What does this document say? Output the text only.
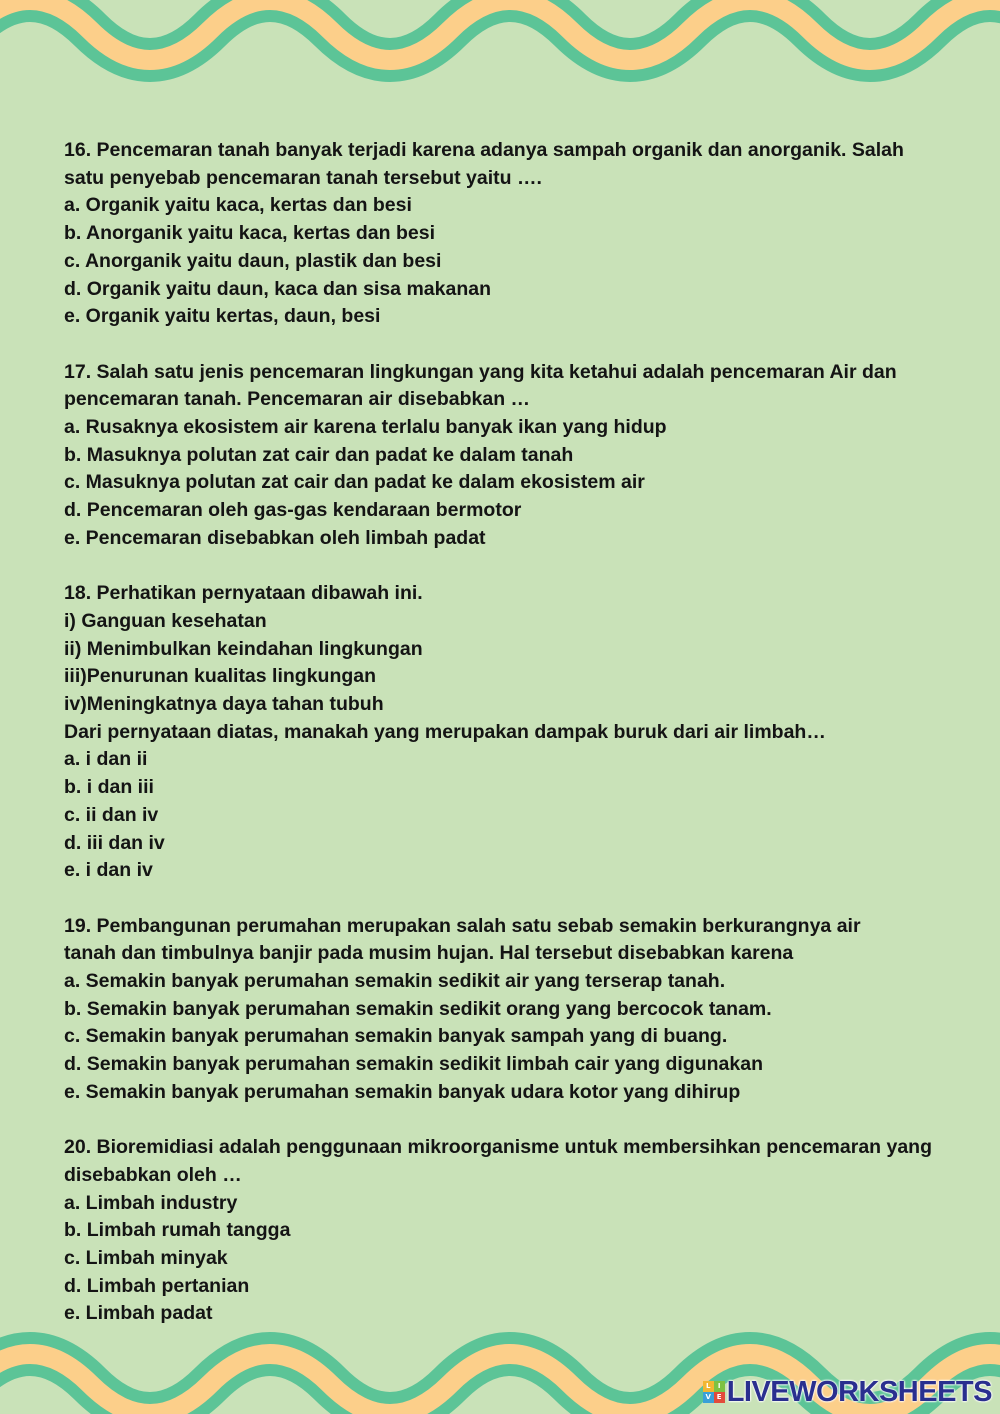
16. Pencemaran tanah banyak terjadi karena adanya sampah organik dan anorganik. Salah
satu penyebab pencemaran tanah tersebut yaitu ….
a. Organik yaitu kaca, kertas dan besi
b. Anorganik yaitu kaca, kertas dan besi
c. Anorganik yaitu daun, plastik dan besi
d. Organik yaitu daun, kaca dan sisa makanan
e. Organik yaitu kertas, daun, besi
17. Salah satu jenis pencemaran lingkungan yang kita ketahui adalah pencemaran Air dan
pencemaran tanah. Pencemaran air disebabkan …
a. Rusaknya ekosistem air karena terlalu banyak ikan yang hidup
b. Masuknya polutan zat cair dan padat ke dalam tanah
c. Masuknya polutan zat cair dan padat ke dalam ekosistem air
d. Pencemaran oleh gas-gas kendaraan bermotor
e. Pencemaran disebabkan oleh limbah padat
18. Perhatikan pernyataan dibawah ini.
i) Ganguan kesehatan
ii) Menimbulkan keindahan lingkungan
iii)Penurunan kualitas lingkungan
iv)Meningkatnya daya tahan tubuh
Dari pernyataan diatas, manakah yang merupakan dampak buruk dari air limbah…
a. i dan ii
b. i dan iii
c. ii dan iv
d. iii dan iv
e. i dan iv
19. Pembangunan perumahan merupakan salah satu sebab semakin berkurangnya air
tanah dan timbulnya banjir pada musim hujan. Hal tersebut disebabkan karena
a. Semakin banyak perumahan semakin sedikit air yang terserap tanah.
b. Semakin banyak perumahan semakin sedikit orang yang bercocok tanam.
c. Semakin banyak perumahan semakin banyak sampah yang di buang.
d. Semakin banyak perumahan semakin sedikit limbah cair yang digunakan
e. Semakin banyak perumahan semakin banyak udara kotor yang dihirup
20. Bioremidiasi adalah penggunaan mikroorganisme untuk membersihkan pencemaran yang
disebabkan oleh …
a. Limbah industry
b. Limbah rumah tangga
c. Limbah minyak
d. Limbah pertanian
e. Limbah padat
L	I
V E LIVEWORKSHEETS
